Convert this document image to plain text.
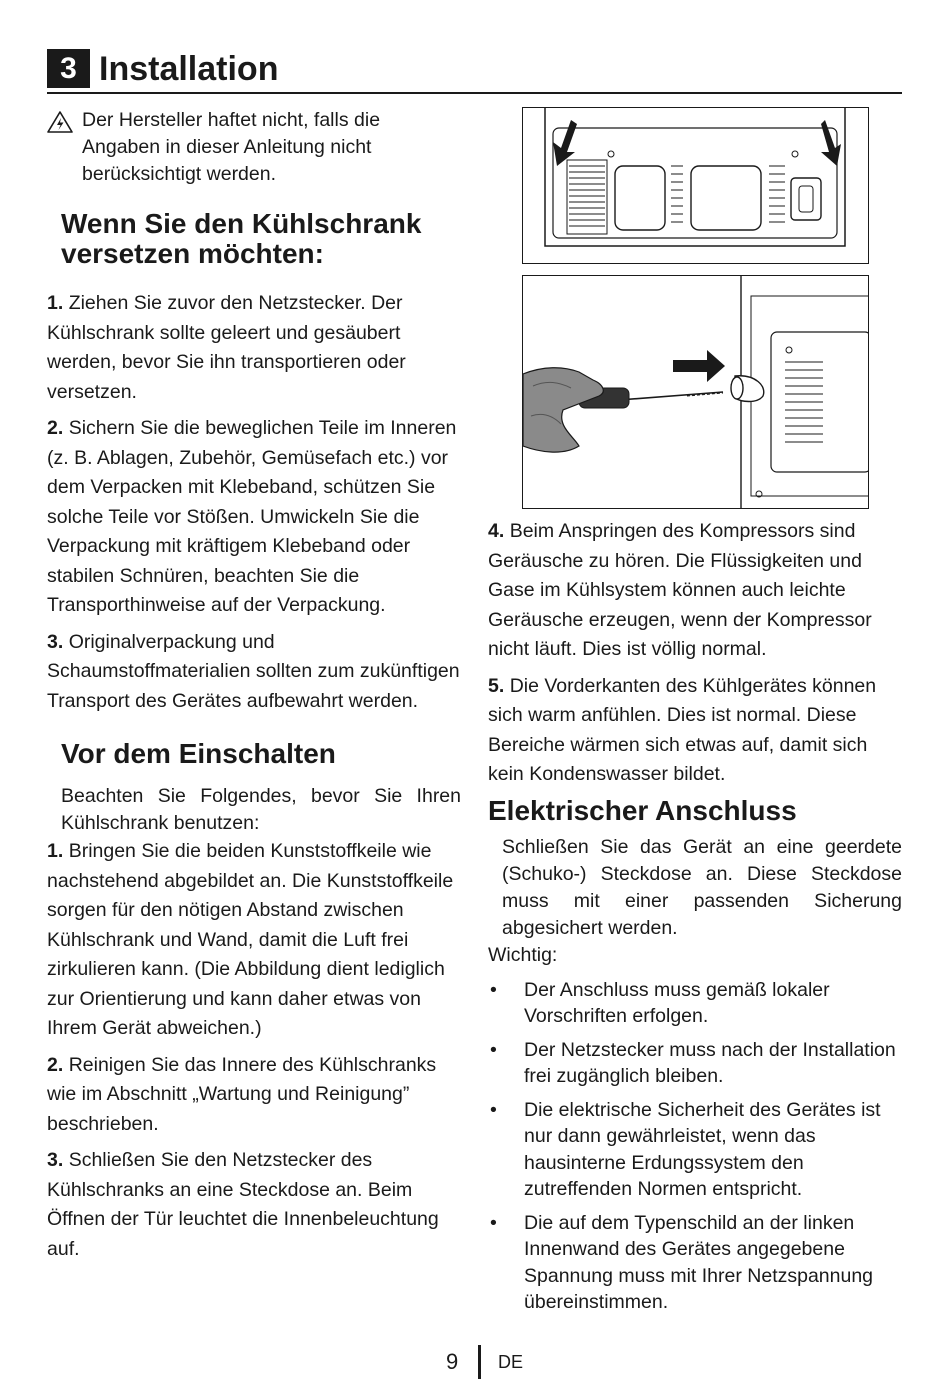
3 Installation
Der Hersteller haftet nicht, falls die Angaben in dieser Anleitung nicht berücksichtigt werden.
Wenn Sie den Kühlschrank versetzen möchten:

1. Ziehen Sie zuvor den Netzstecker. Der Kühlschrank sollte geleert und gesäubert werden, bevor Sie ihn transportieren oder versetzen.

2. Sichern Sie die beweglichen Teile im Inneren (z. B. Ablagen, Zubehör, Gemüsefach etc.) vor dem Verpacken mit Klebeband, schützen Sie solche Teile vor Stößen. Umwickeln Sie die Verpackung mit kräftigem Klebeband oder stabilen Schnüren, beachten Sie die Transporthinweise auf der Verpackung.

3. Originalverpackung und Schaumstoffmaterialien sollten zum zukünftigen Transport des Gerätes aufbewahrt werden.

Vor dem Einschalten

Beachten Sie Folgendes, bevor Sie Ihren Kühlschrank benutzen:

1. Bringen Sie die beiden Kunststoffkeile wie nachstehend abgebildet an. Die Kunststoffkeile sorgen für den nötigen Abstand zwischen Kühlschrank und Wand, damit die Luft frei zirkulieren kann. (Die Abbildung dient lediglich zur Orientierung und kann daher etwas von Ihrem Gerät abweichen.)

2. Reinigen Sie das Innere des Kühlschranks wie im Abschnitt „Wartung und Reinigung” beschrieben.

3. Schließen Sie den Netzstecker des Kühlschranks an eine Steckdose an. Beim Öffnen der Tür leuchtet die Innenbeleuchtung auf.

4. Beim Anspringen des Kompressors sind Geräusche zu hören. Die Flüssigkeiten und Gase im Kühlsystem können auch leichte Geräusche erzeugen, wenn der Kompressor nicht läuft. Dies ist völlig normal.

5. Die Vorderkanten des Kühlgerätes können sich warm anfühlen. Dies ist normal. Diese Bereiche wärmen sich etwas auf, damit sich kein Kondenswasser bildet.

Elektrischer Anschluss

Schließen Sie das Gerät an eine geerdete (Schuko-) Steckdose an. Diese Steckdose muss mit einer passenden Sicherung abgesichert werden.

Wichtig:

• Der Anschluss muss gemäß lokaler Vorschriften erfolgen.
• Der Netzstecker muss nach der Installation frei zugänglich bleiben.
• Die elektrische Sicherheit des Gerätes ist nur dann gewährleistet, wenn das hausinterne Erdungssystem den zutreffenden Normen entspricht.
• Die auf dem Typenschild an der linken Innenwand des Gerätes angegebene Spannung muss mit Ihrer Netzspannung übereinstimmen.
9 DE
